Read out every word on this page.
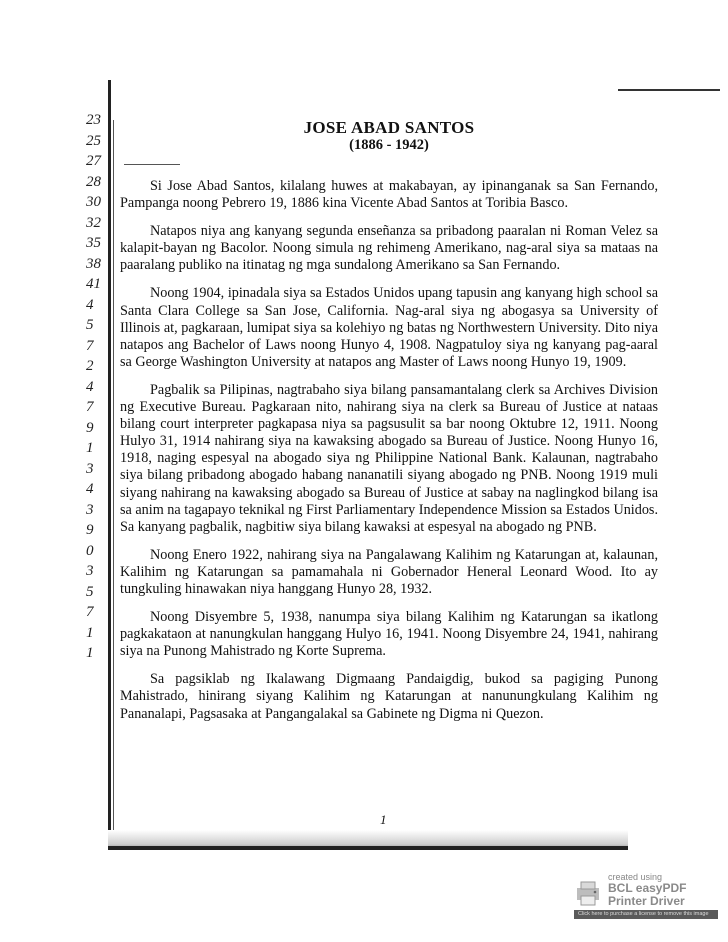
23
25
27
28
30
32
35
38
41
4
5
7
2
4
7
9
1
3
4
3
9
0
3
5
7
1
1
JOSE ABAD SANTOS
(1886 - 1942)

Si Jose Abad Santos, kilalang huwes at makabayan, ay ipinanganak sa San Fernando, Pampanga noong Pebrero 19, 1886 kina Vicente Abad Santos at Toribia Basco.

Natapos niya ang kanyang segunda enseñanza sa pribadong paaralan ni Roman Velez sa kalapit-bayan ng Bacolor. Noong simula ng rehimeng Amerikano, nag-aral siya sa mataas na paaralang publiko na itinatag ng mga sundalong Amerikano sa San Fernando.

Noong 1904, ipinadala siya sa Estados Unidos upang tapusin ang kanyang high school sa Santa Clara College sa San Jose, California. Nag-aral siya ng abogasya sa University of Illinois at, pagkaraan, lumipat siya sa kolehiyo ng batas ng Northwestern University. Dito niya natapos ang Bachelor of Laws noong Hunyo 4, 1908. Nagpatuloy siya ng kanyang pag-aaral sa George Washington University at natapos ang Master of Laws noong Hunyo 19, 1909.

Pagbalik sa Pilipinas, nagtrabaho siya bilang pansamantalang clerk sa Archives Division ng Executive Bureau. Pagkaraan nito, nahirang siya na clerk sa Bureau of Justice at nataas bilang court interpreter pagkapasa niya sa pagsusulit sa bar noong Oktubre 12, 1911. Noong Hulyo 31, 1914 nahirang siya na kawaksing abogado sa Bureau of Justice. Noong Hunyo 16, 1918, naging espesyal na abogado siya ng Philippine National Bank. Kalaunan, nagtrabaho siya bilang pribadong abogado habang nananatili siyang abogado ng PNB. Noong 1919 muli siyang nahirang na kawaksing abogado sa Bureau of Justice at sabay na naglingkod bilang isa sa anim na tagapayo teknikal ng First Parliamentary Independence Mission sa Estados Unidos. Sa kanyang pagbalik, nagbitiw siya bilang kawaksi at espesyal na abogado ng PNB.

Noong Enero 1922, nahirang siya na Pangalawang Kalihim ng Katarungan at, kalaunan, Kalihim ng Katarungan sa pamamahala ni Gobernador Heneral Leonard Wood. Ito ay tungkuling hinawakan niya hanggang Hunyo 28, 1932.

Noong Disyembre 5, 1938, nanumpa siya bilang Kalihim ng Katarungan sa ikatlong pagkakataon at nanungkulan hanggang Hulyo 16, 1941. Noong Disyembre 24, 1941, nahirang siya na Punong Mahistrado ng Korte Suprema.

Sa pagsiklab ng Ikalawang Digmaang Pandaigdig, bukod sa pagiging Punong Mahistrado, hinirang siyang Kalihim ng Katarungan at nanunungkulang Kalihim ng Pananalapi, Pagsasaka at Pangangalakal sa Gabinete ng Digma ni Quezon.

1
created using
BCL easyPDF
Printer Driver
Click here to purchase a license to remove this image
